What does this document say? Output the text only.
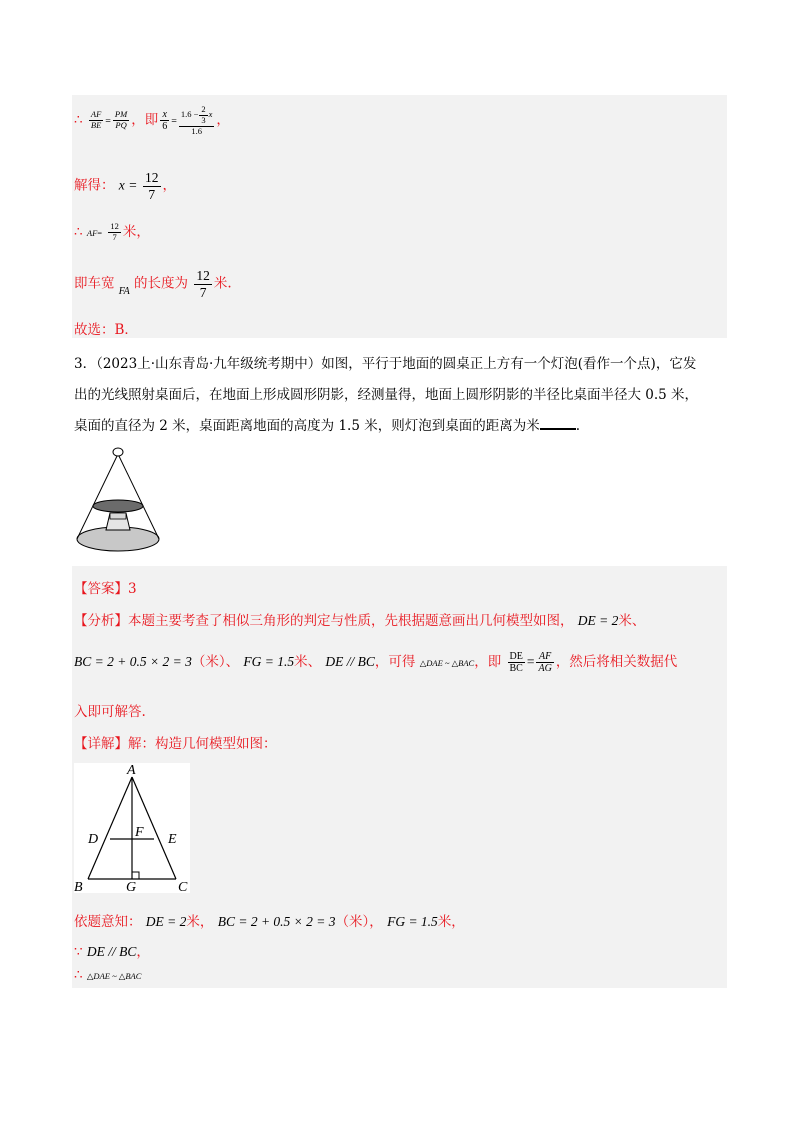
∴ $\frac{AF}{BE} = \frac{PM}{PQ}$ ，即 $\frac{x}{6} = \frac{1.6 - \frac{2}{3} x}{1.6}$ ，
解得： $x = \frac{12}{7}$ ，
∴ $AF= \frac{12}{7}$ 米，
即车宽 $_{FA}$ 的长度为 $\frac{12}{7}$ 米.
故选：B．
3．（2023上·山东青岛·九年级统考期中）如图，平行于地面的圆桌正上方有一个灯泡(看作一个点)，它发
出的光线照射桌面后，在地面上形成圆形阴影，经测量得，地面上圆形阴影的半径比桌面半径大 0.5 米，
桌面的直径为 2 米，桌面距离地面的高度为 1.5 米，则灯泡到桌面的距离为米	.
【答案】3
【分析】本题主要考查了相似三角形的判定与性质，先根据题意画出几何模型如图， DE = 2米、
BC = 2 + 0.5 × 2 = 3（米）、 FG = 1.5米、 DE // BC，可得 △DAE ~ △BAC，即 $\frac{DE}{BC} = \frac{AF}{AG}$ ，然后将相关数据代
入即可解答.
【详解】解：构造几何模型如图：
A
D	F E
B	G	C
依题意知： DE = 2米， BC = 2 + 0.5 × 2 = 3（米）， FG = 1.5米，
∵ DE // BC，
∴ △DAE ~ △BAC
